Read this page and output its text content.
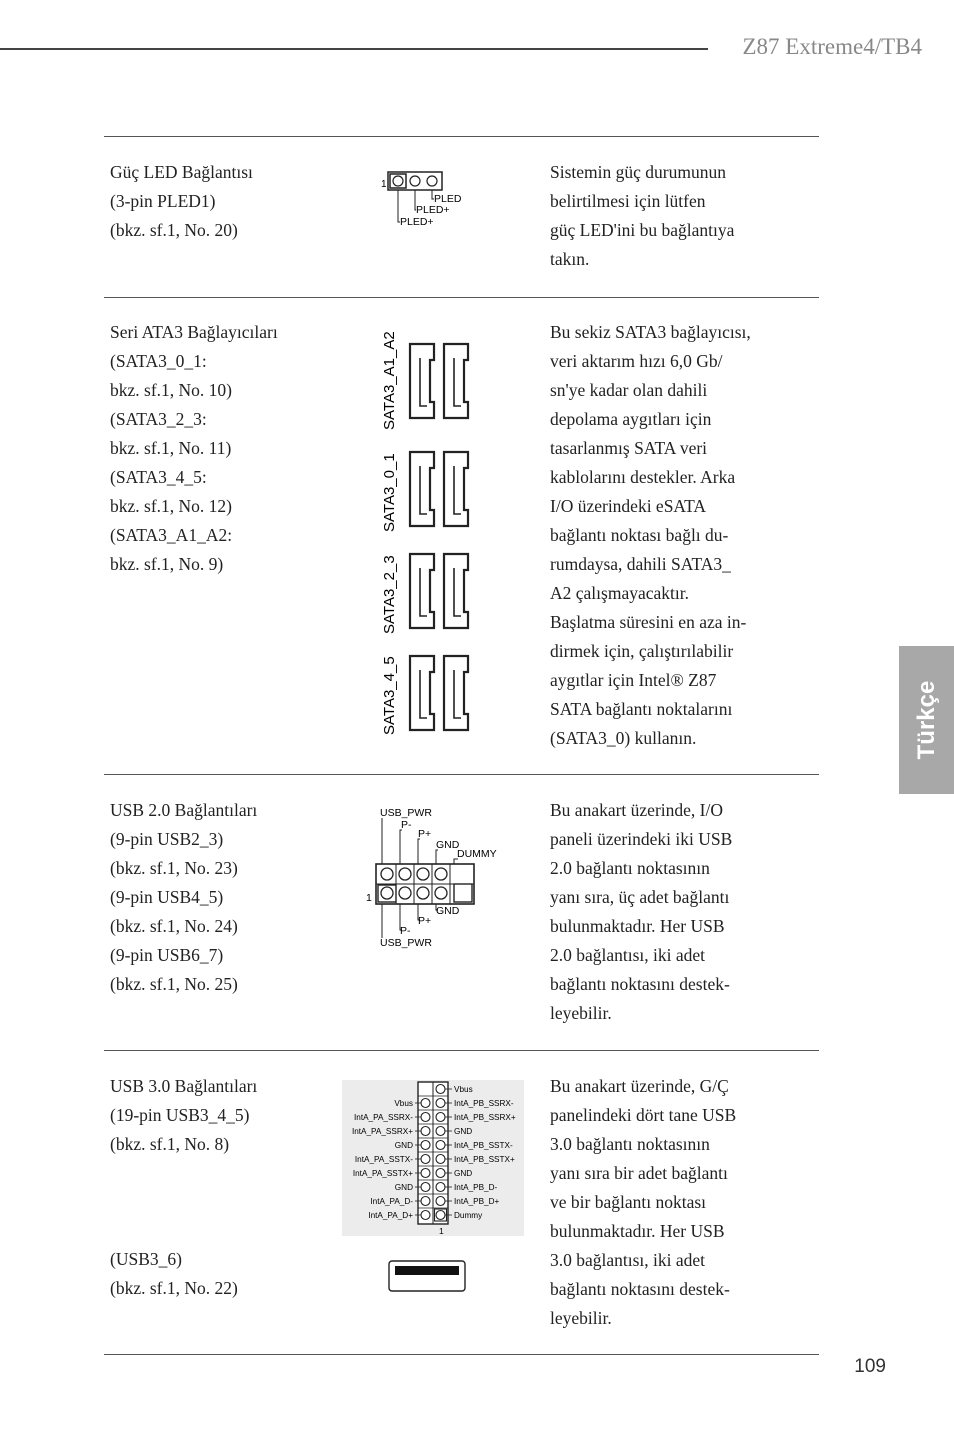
Z87 Extreme4/TB4
Güç LED Bağlantısı
(3-pin PLED1)
(bkz. sf.1, No. 20)
Sistemin güç durumunun
belirtilmesi için lütfen
güç LED'ini bu bağlantıya
takın.
1
PLED
PLED+
PLED+
Seri ATA3 Bağlayıcıları
(SATA3_0_1:
bkz. sf.1, No. 10)
(SATA3_2_3:
bkz. sf.1, No. 11)
(SATA3_4_5:
bkz. sf.1, No. 12)
(SATA3_A1_A2:
bkz. sf.1, No. 9)
Bu sekiz SATA3 bağlayıcısı,
veri aktarım hızı 6,0 Gb/
sn'ye kadar olan dahili
depolama aygıtları için
tasarlanmış SATA veri
kablolarını destekler. Arka
I/O üzerindeki eSATA
bağlantı noktası bağlı du-
rumdaysa, dahili SATA3_
A2 çalışmayacaktır.
Başlatma süresini en aza in-
dirmek için, çalıştırılabilir
aygıtlar için Intel® Z87
SATA bağlantı noktalarını
(SATA3_0) kullanın.
SATA3_A1_A2
SATA3_0_1
SATA3_2_3
SATA3_4_5
USB 2.0 Bağlantıları
(9-pin USB2_3)
(bkz. sf.1, No. 23)
(9-pin USB4_5)
(bkz. sf.1, No. 24)
(9-pin USB6_7)
(bkz. sf.1, No. 25)
Bu anakart üzerinde, I/O
paneli üzerindeki iki USB
2.0 bağlantı noktasının
yanı sıra, üç adet bağlantı
bulunmaktadır. Her USB
2.0 bağlantısı, iki adet
bağlantı noktasını destek-
leyebilir.
USB_PWR
P-
P+
GND
DUMMY
1
GND
P+
P-
USB_PWR
USB 3.0 Bağlantıları
(19-pin USB3_4_5)
(bkz. sf.1, No. 8)
(USB3_6)
(bkz. sf.1, No. 22)
Bu anakart üzerinde, G/Ç
panelindeki dört tane USB
3.0 bağlantı noktasının
yanı sıra bir adet bağlantı
ve bir bağlantı noktası
bulunmaktadır. Her USB
3.0 bağlantısı, iki adet
bağlantı noktasını destek-
leyebilir.
Vbus
IntA_PA_SSRX-
IntA_PA_SSRX+
GND
IntA_PA_SSTX-
IntA_PA_SSTX+
GND
IntA_PA_D-
IntA_PA_D+
Vbus
IntA_PB_SSRX-
IntA_PB_SSRX+
GND
IntA_PB_SSTX-
IntA_PB_SSTX+
GND
IntA_PB_D-
IntA_PB_D+
Dummy
1
Türkçe
109
